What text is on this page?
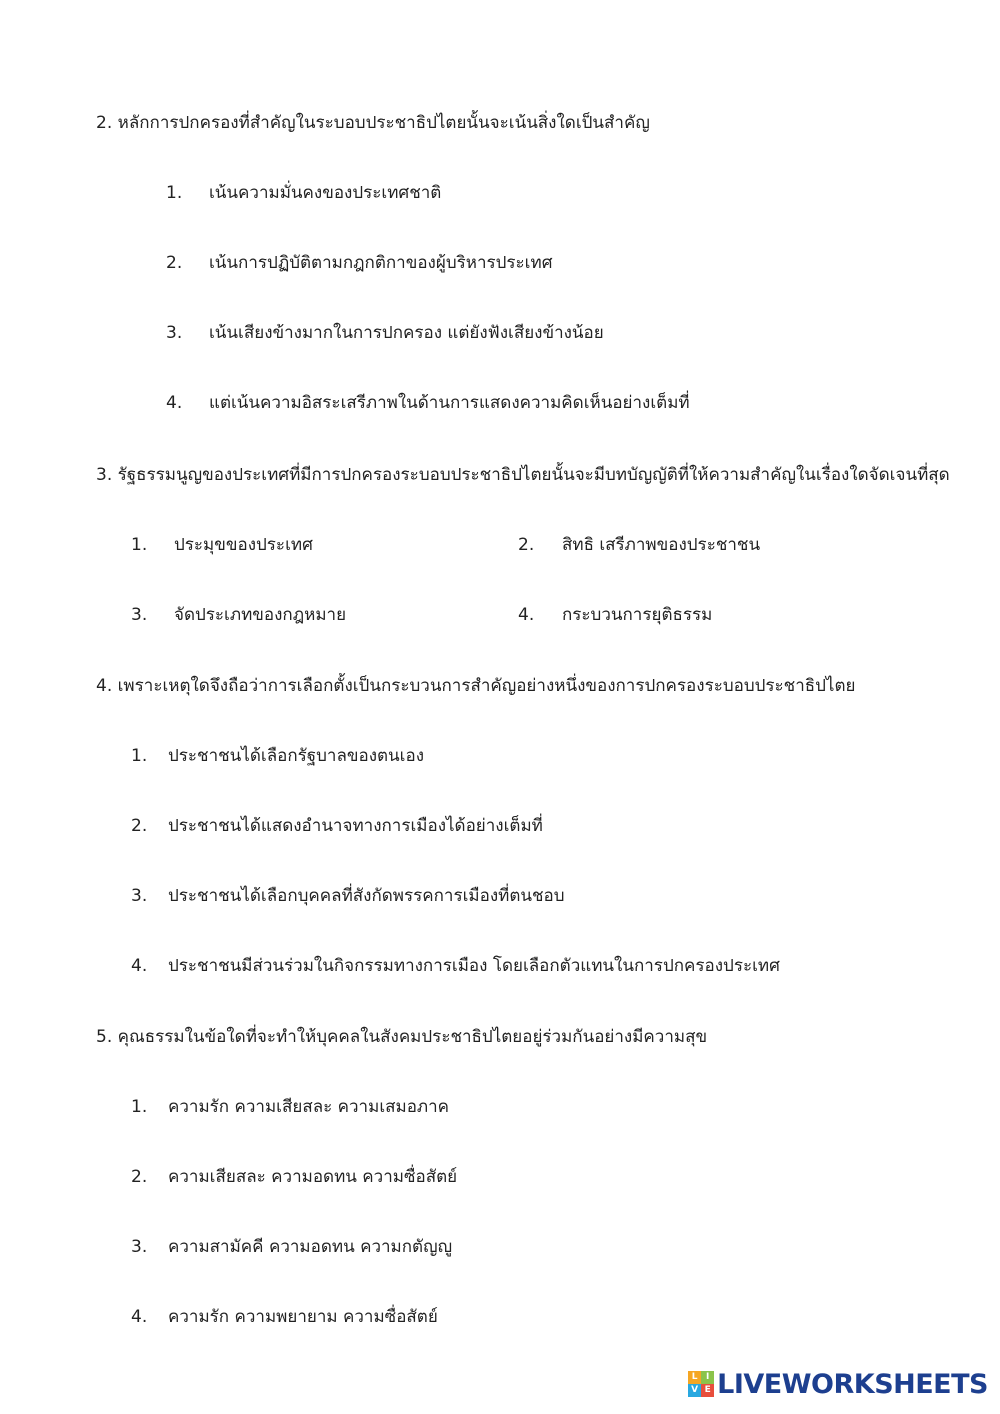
2. หลักการปกครองที่สำคัญในระบอบประชาธิปไตยนั้นจะเน้นสิ่งใดเป็นสำคัญ
1. เน้นความมั่นคงของประเทศชาติ
2. เน้นการปฏิบัติตามกฎกติกาของผู้บริหารประเทศ
3. เน้นเสียงข้างมากในการปกครอง แต่ยังฟังเสียงข้างน้อย
4. แต่เน้นความอิสระเสรีภาพในด้านการแสดงความคิดเห็นอย่างเต็มที่
3. รัฐธรรมนูญของประเทศที่มีการปกครองระบอบประชาธิปไตยนั้นจะมีบทบัญญัติที่ให้ความสำคัญในเรื่องใดจัดเจนที่สุด
1. ประมุขของประเทศ	2. สิทธิ เสรีภาพของประชาชน
3. จัดประเภทของกฎหมาย	4. กระบวนการยุติธรรม
4. เพราะเหตุใดจึงถือว่าการเลือกตั้งเป็นกระบวนการสำคัญอย่างหนึ่งของการปกครองระบอบประชาธิปไตย
1. ประชาชนได้เลือกรัฐบาลของตนเอง
2. ประชาชนได้แสดงอำนาจทางการเมืองได้อย่างเต็มที่
3. ประชาชนได้เลือกบุคคลที่สังกัดพรรคการเมืองที่ตนชอบ
4. ประชาชนมีส่วนร่วมในกิจกรรมทางการเมือง โดยเลือกตัวแทนในการปกครองประเทศ
5. คุณธรรมในข้อใดที่จะทำให้บุคคลในสังคมประชาธิปไตยอยู่ร่วมกันอย่างมีความสุข
1. ความรัก ความเสียสละ ความเสมอภาค
2. ความเสียสละ ความอดทน ความซื่อสัตย์
3. ความสามัคคี ความอดทน ความกตัญญู
4. ความรัก ความพยายาม ความซื่อสัตย์
L I
V E LIVEWORKSHEETS
